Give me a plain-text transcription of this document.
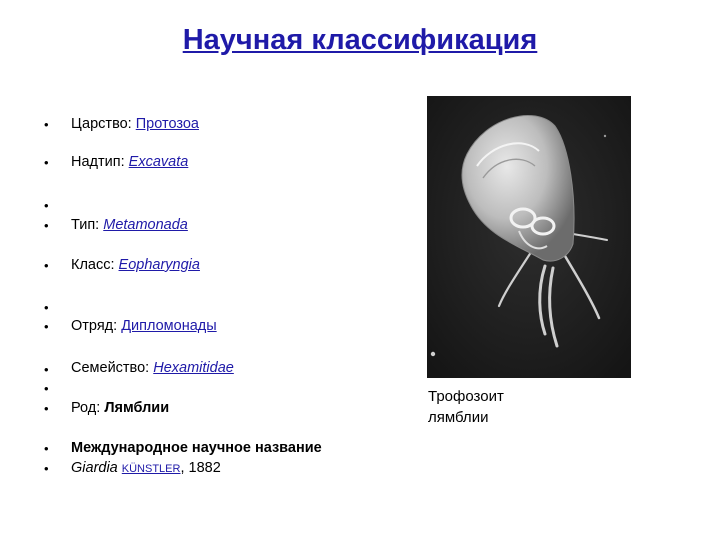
Научная классификация
•
•
•
•
•
•
•
•
•
•
•
•
Царство: Протозоа
Надтип: Excavata
Тип: Metamonada
Класс: Eopharyngia
Отряд: Дипломонады
Семейство: Hexamitidae
Род: Лямблии
Международное научное название
Giardia KÜNSTLER, 1882
Трофозоит
лямблии
